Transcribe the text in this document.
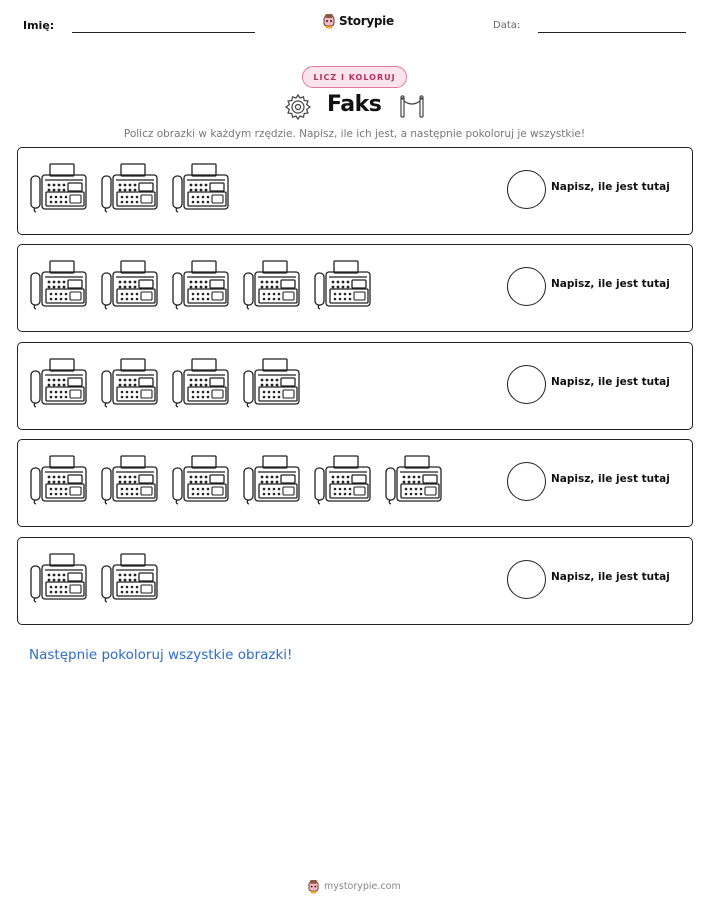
Imię:	Storypie	Data:
LICZ I KOLORUJ
Faks
Policz obrazki w każdym rzędzie. Napisz, ile ich jest, a następnie pokoloruj je wszystkie!
Napisz, ile jest tutaj
Napisz, ile jest tutaj
Napisz, ile jest tutaj
Napisz, ile jest tutaj
Napisz, ile jest tutaj
Następnie pokoloruj wszystkie obrazki!
mystorypie.com
